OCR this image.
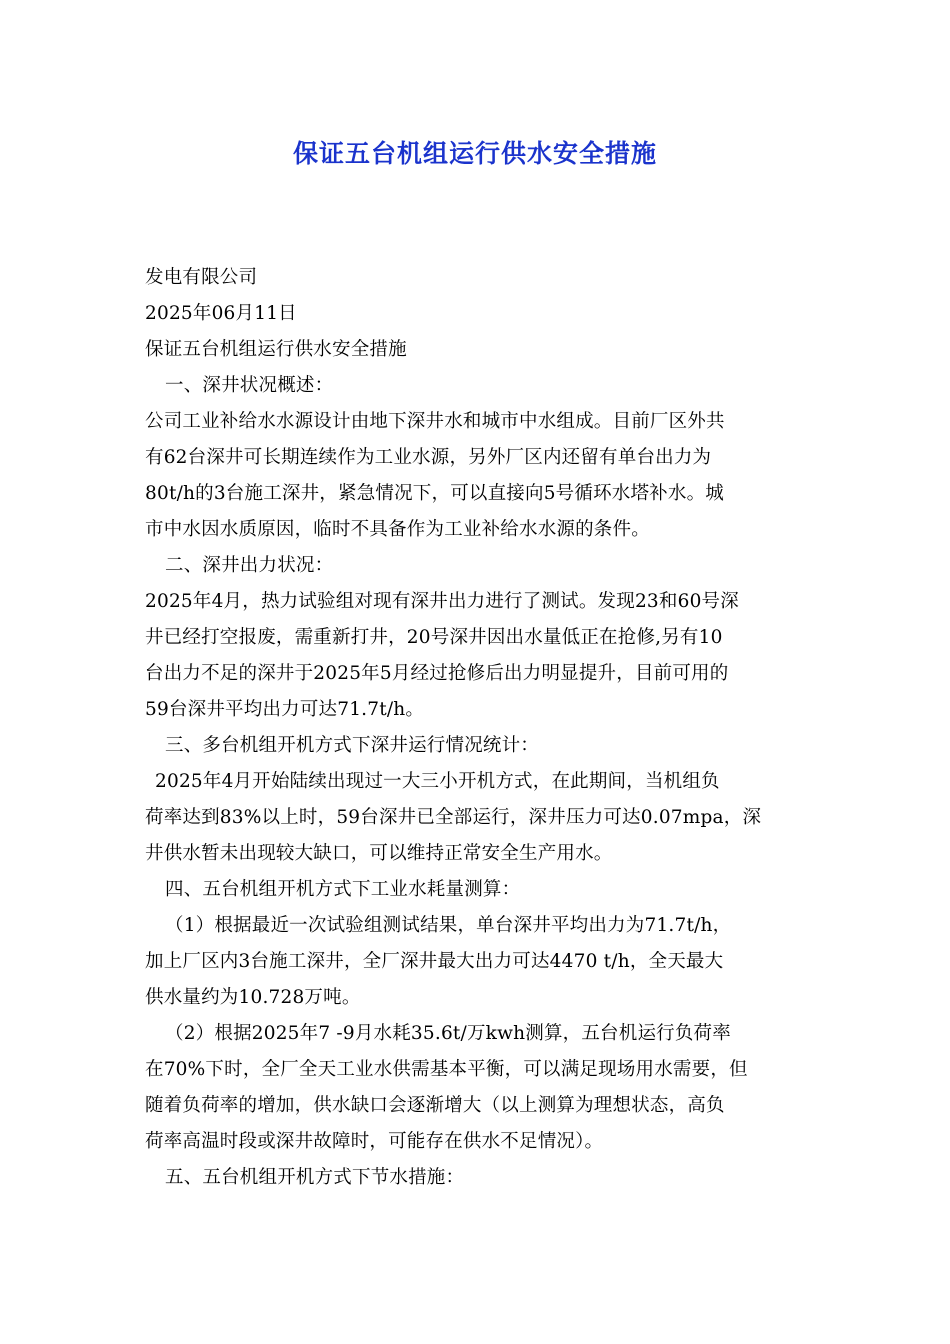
保证五台机组运行供水安全措施
发电有限公司
2025年06月11日
保证五台机组运行供水安全措施
一、深井状况概述：
公司工业补给水水源设计由地下深井水和城市中水组成。目前厂区外共
有62台深井可长期连续作为工业水源，另外厂区内还留有单台出力为
80t/h的3台施工深井，紧急情况下，可以直接向5号循环水塔补水。城
市中水因水质原因，临时不具备作为工业补给水水源的条件。
二、深井出力状况：
2025年4月，热力试验组对现有深井出力进行了测试。发现23和60号深
井已经打空报废，需重新打井，20号深井因出水量低正在抢修,另有10
台出力不足的深井于2025年5月经过抢修后出力明显提升，目前可用的
59台深井平均出力可达71.7t/h。
三、多台机组开机方式下深井运行情况统计：
2025年4月开始陆续出现过一大三小开机方式，在此期间，当机组负
荷率达到83%以上时，59台深井已全部运行，深井压力可达0.07mpa，深
井供水暂未出现较大缺口，可以维持正常安全生产用水。
四、五台机组开机方式下工业水耗量测算：
（1）根据最近一次试验组测试结果，单台深井平均出力为71.7t/h，
加上厂区内3台施工深井，全厂深井最大出力可达4470 t/h，全天最大
供水量约为10.728万吨。
（2）根据2025年7 -9月水耗35.6t/万kwh测算，五台机运行负荷率
在70%下时，全厂全天工业水供需基本平衡，可以满足现场用水需要，但
随着负荷率的增加，供水缺口会逐渐增大（以上测算为理想状态，高负
荷率高温时段或深井故障时，可能存在供水不足情况）。
五、五台机组开机方式下节水措施：
